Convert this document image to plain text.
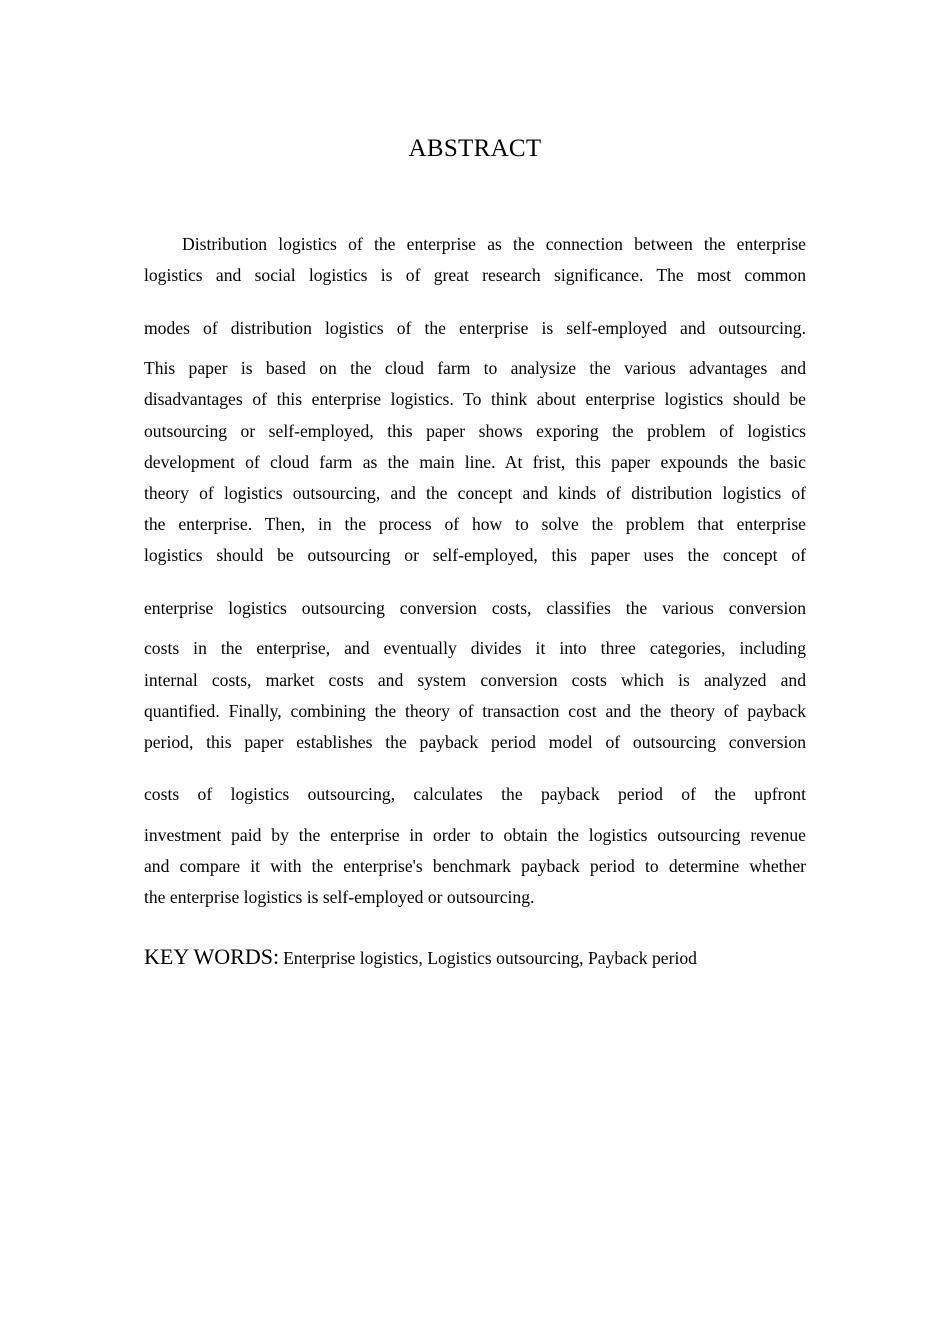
ABSTRACT
Distribution logistics of the enterprise as the connection between the enterprise
logistics and social logistics is of great research significance. The most common
modes of distribution logistics of the enterprise is self-employed and outsourcing.
This paper is based on the cloud farm to analysize the various advantages and
disadvantages of this enterprise logistics. To think about enterprise logistics should be
outsourcing or self-employed, this paper shows exporing the problem of logistics
development of cloud farm as the main line. At frist, this paper expounds the basic
theory of logistics outsourcing, and the concept and kinds of distribution logistics of
the enterprise. Then, in the process of how to solve the problem that enterprise
logistics should be outsourcing or self-employed, this paper uses the concept of
enterprise logistics outsourcing conversion costs, classifies the various conversion
costs in the enterprise, and eventually divides it into three categories, including
internal costs, market costs and system conversion costs which is analyzed and
quantified. Finally, combining the theory of transaction cost and the theory of payback
period, this paper establishes the payback period model of outsourcing conversion
costs of logistics outsourcing, calculates the payback period of the upfront
investment paid by the enterprise in order to obtain the logistics outsourcing revenue
and compare it with the enterprise's benchmark payback period to determine whether
the enterprise logistics is self-employed or outsourcing.
KEY WORDS: Enterprise logistics, Logistics outsourcing, Payback period
